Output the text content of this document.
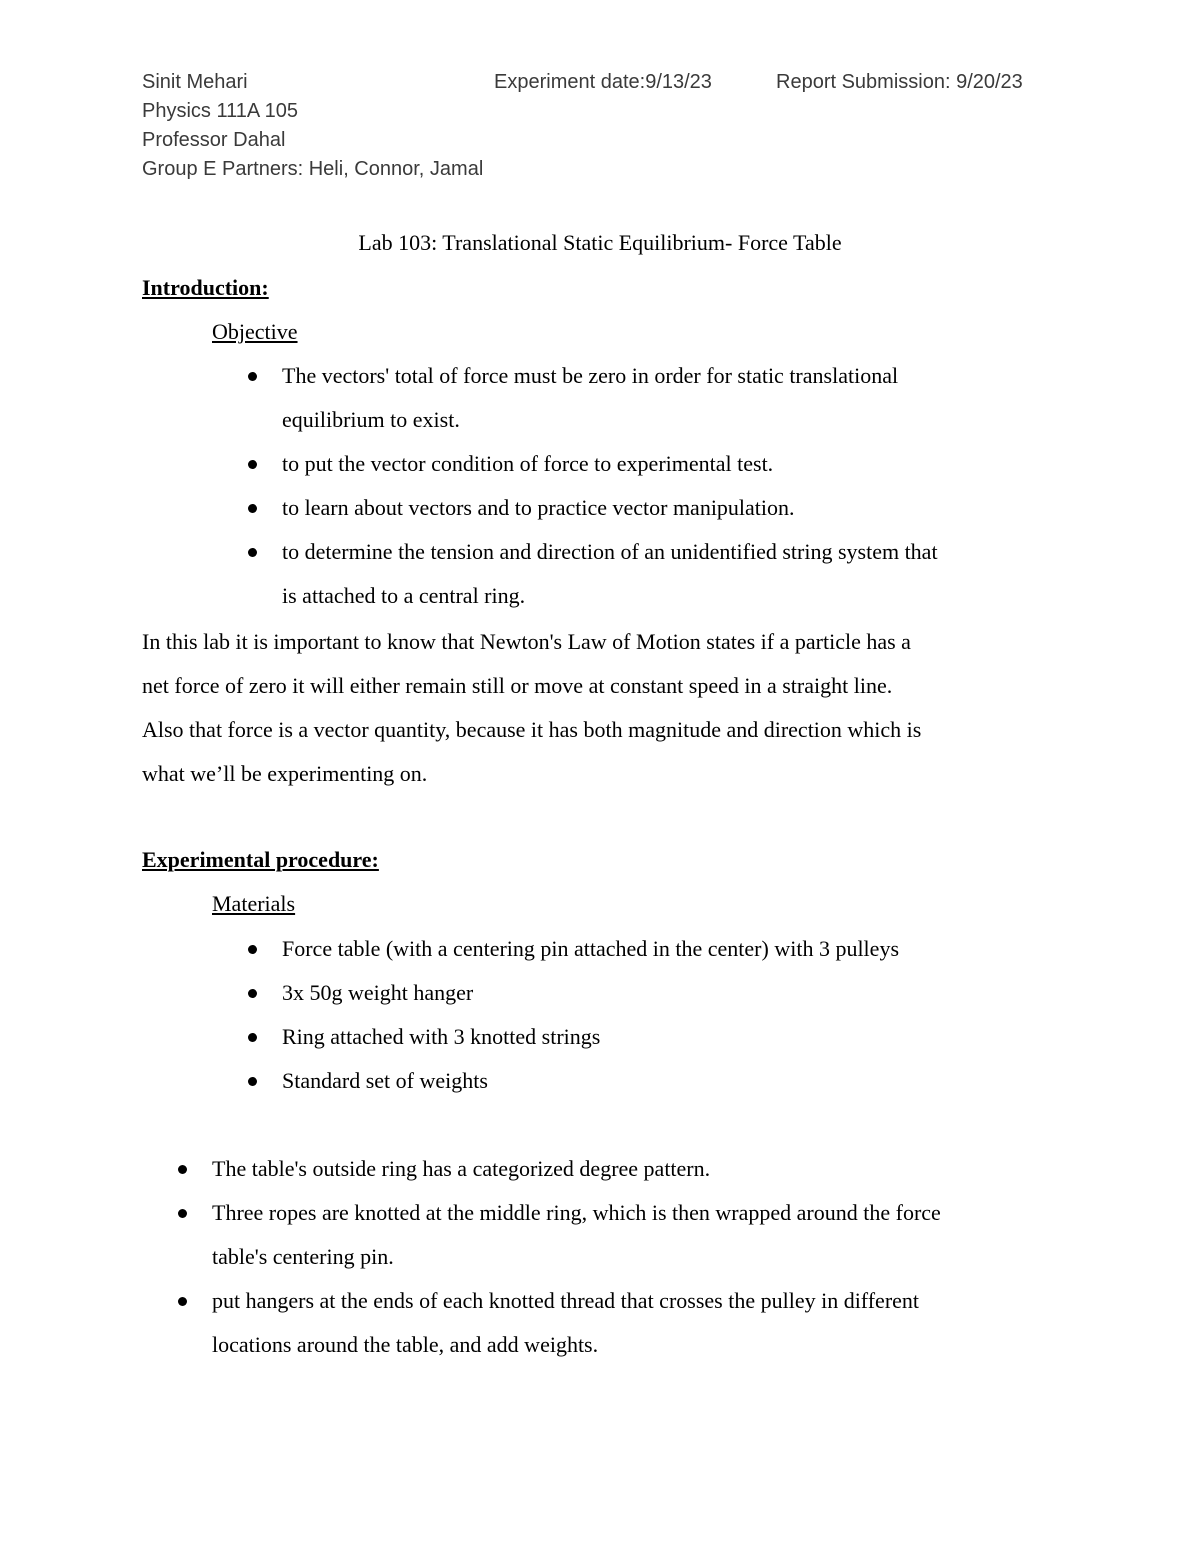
Sinit Mehari	Experiment date:9/13/23	Report Submission: 9/20/23
Physics 111A 105
Professor Dahal
Group E Partners: Heli, Connor, Jamal
Lab 103: Translational Static Equilibrium- Force Table
Introduction:
Objective
The vectors' total of force must be zero in order for static translational
equilibrium to exist.
to put the vector condition of force to experimental test.
to learn about vectors and to practice vector manipulation.
to determine the tension and direction of an unidentified string system that
is attached to a central ring.
In this lab it is important to know that Newton's Law of Motion states if a particle has a
net force of zero it will either remain still or move at constant speed in a straight line.
Also that force is a vector quantity, because it has both magnitude and direction which is
what we’ll be experimenting on.
Experimental procedure:
Materials
Force table (with a centering pin attached in the center) with 3 pulleys
3x 50g weight hanger
Ring attached with 3 knotted strings
Standard set of weights
The table's outside ring has a categorized degree pattern.
Three ropes are knotted at the middle ring, which is then wrapped around the force
table's centering pin.
put hangers at the ends of each knotted thread that crosses the pulley in different
locations around the table, and add weights.
